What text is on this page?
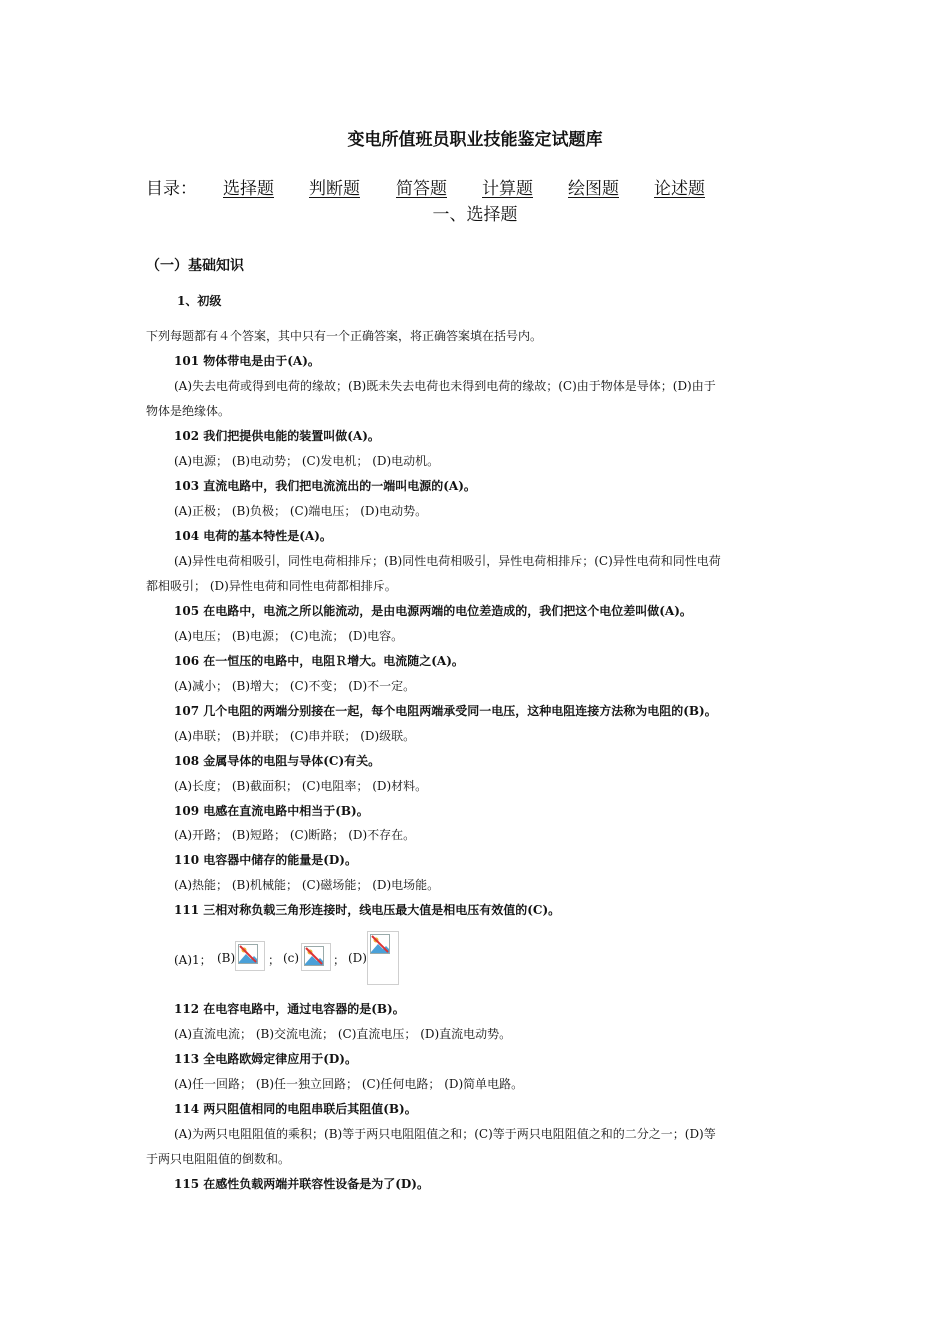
变电所值班员职业技能鉴定试题库
目录： 选择题 判断题 简答题 计算题 绘图题 论述题
一、选择题
（一）基础知识
1、初级
下列每题都有４个答案，其中只有一个正确答案，将正确答案填在括号内。
101 物体带电是由于(A)。
(A)失去电荷或得到电荷的缘故；(B)既未失去电荷也未得到电荷的缘故；(C)由于物体是导体；(D)由于
物体是绝缘体。
102 我们把提供电能的装置叫做(A)。
(A)电源； (B)电动势； (C)发电机； (D)电动机。
103 直流电路中，我们把电流流出的一端叫电源的(A)。
(A)正极； (B)负极； (C)端电压； (D)电动势。
104 电荷的基本特性是(A)。
(A)异性电荷相吸引，同性电荷相排斥；(B)同性电荷相吸引，异性电荷相排斥；(C)异性电荷和同性电荷
都相吸引； (D)异性电荷和同性电荷都相排斥。
105 在电路中，电流之所以能流动，是由电源两端的电位差造成的，我们把这个电位差叫做(A)。
(A)电压； (B)电源； (C)电流； (D)电容。
106 在一恒压的电路中，电阻Ｒ增大。电流随之(A)。
(A)减小； (B)增大； (C)不变； (D)不一定。
107 几个电阻的两端分别接在一起，每个电阻两端承受同一电压，这种电阻连接方法称为电阻的(B)。
(A)串联； (B)并联； (C)串并联； (D)级联。
108 金属导体的电阻与导体(C)有关。
(A)长度； (B)截面积； (C)电阻率； (D)材料。
109 电感在直流电路中相当于(B)。
(A)开路； (B)短路； (C)断路； (D)不存在。
110 电容器中储存的能量是(D)。
(A)热能； (B)机械能； (C)磁场能； (D)电场能。
111 三相对称负载三角形连接时，线电压最大值是相电压有效值的(C)。
(A)1； (B)	； (c)	； (D)
112 在电容电路中，通过电容器的是(B)。
(A)直流电流； (B)交流电流； (C)直流电压； (D)直流电动势。
113 全电路欧姆定律应用于(D)。
(A)任一回路； (B)任一独立回路； (C)任何电路； (D)简单电路。
114 两只阻值相同的电阻串联后其阻值(B)。
(A)为两只电阻阻值的乘积；(B)等于两只电阻阻值之和；(C)等于两只电阻阻值之和的二分之一；(D)等
于两只电阻阻值的倒数和。
115 在感性负载两端并联容性设备是为了(D)。
